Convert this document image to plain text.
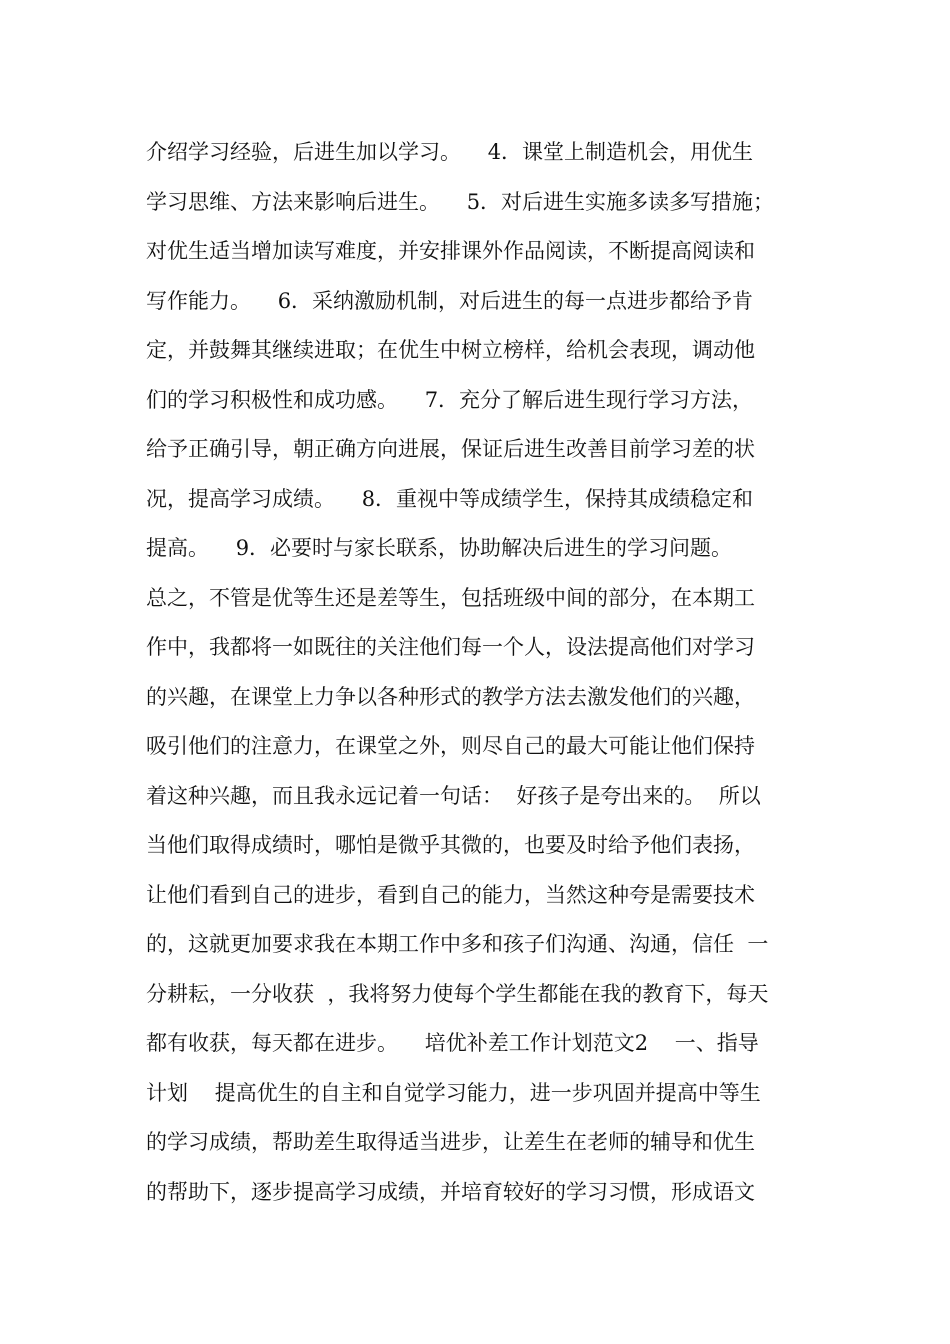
介绍学习经验，后进生加以学习。    4．课堂上制造机会，用优生
学习思维、方法来影响后进生。    5．对后进生实施多读多写措施；
对优生适当增加读写难度，并安排课外作品阅读，不断提高阅读和
写作能力。    6．采纳激励机制，对后进生的每一点进步都给予肯
定，并鼓舞其继续进取；在优生中树立榜样，给机会表现，调动他
们的学习积极性和成功感。    7．充分了解后进生现行学习方法，
给予正确引导，朝正确方向进展，保证后进生改善目前学习差的状
况，提高学习成绩。    8．重视中等成绩学生，保持其成绩稳定和
提高。    9．必要时与家长联系，协助解决后进生的学习问题。
总之，不管是优等生还是差等生，包括班级中间的部分，在本期工
作中，我都将一如既往的关注他们每一个人，设法提高他们对学习
的兴趣，在课堂上力争以各种形式的教学方法去激发他们的兴趣，
吸引他们的注意力，在课堂之外，则尽自己的最大可能让他们保持
着这种兴趣，而且我永远记着一句话：  好孩子是夸出来的。  所以
当他们取得成绩时，哪怕是微乎其微的，也要及时给予他们表扬，
让他们看到自己的进步，看到自己的能力，当然这种夸是需要技术
的，这就更加要求我在本期工作中多和孩子们沟通、沟通，信任  一
分耕耘，一分收获  ，我将努力使每个学生都能在我的教育下，每天
都有收获，每天都在进步。    培优补差工作计划范文2    一、指导
计划    提高优生的自主和自觉学习能力，进一步巩固并提高中等生
的学习成绩，帮助差生取得适当进步，让差生在老师的辅导和优生
的帮助下，逐步提高学习成绩，并培育较好的学习习惯，形成语文
